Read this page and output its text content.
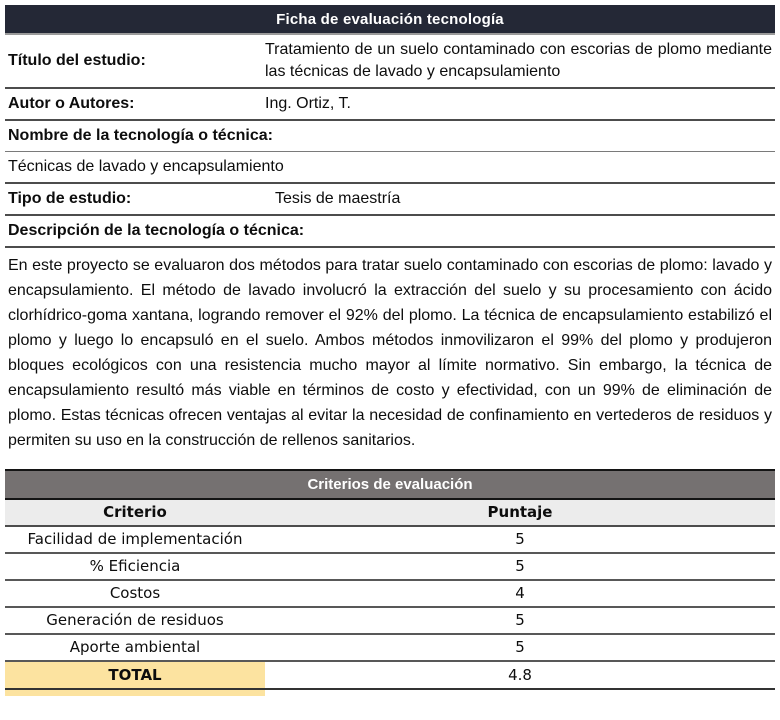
Ficha de evaluación tecnología
Título del estudio:
Tratamiento de un suelo contaminado con escorias de plomo mediante las técnicas de lavado y encapsulamiento
Autor o Autores:	Ing. Ortiz, T.
Nombre de la tecnología o técnica:
Técnicas de lavado y encapsulamiento
Tipo de estudio:	Tesis de maestría
Descripción de la tecnología o técnica:
En este proyecto se evaluaron dos métodos para tratar suelo contaminado con escorias de plomo: lavado y encapsulamiento. El método de lavado involucró la extracción del suelo y su procesamiento con ácido clorhídrico-goma xantana, logrando remover el 92% del plomo. La técnica de encapsulamiento estabilizó el plomo y luego lo encapsuló en el suelo. Ambos métodos inmovilizaron el 99% del plomo y produjeron bloques ecológicos con una resistencia mucho mayor al límite normativo. Sin embargo, la técnica de encapsulamiento resultó más viable en términos de costo y efectividad, con un 99% de eliminación de plomo. Estas técnicas ofrecen ventajas al evitar la necesidad de confinamiento en vertederos de residuos y permiten su uso en la construcción de rellenos sanitarios.
Criterios de evaluación
Criterio	Puntaje
Facilidad de implementación	5
% Eficiencia	5
Costos	4
Generación de residuos	5
Aporte ambiental	5
TOTAL	4.8
